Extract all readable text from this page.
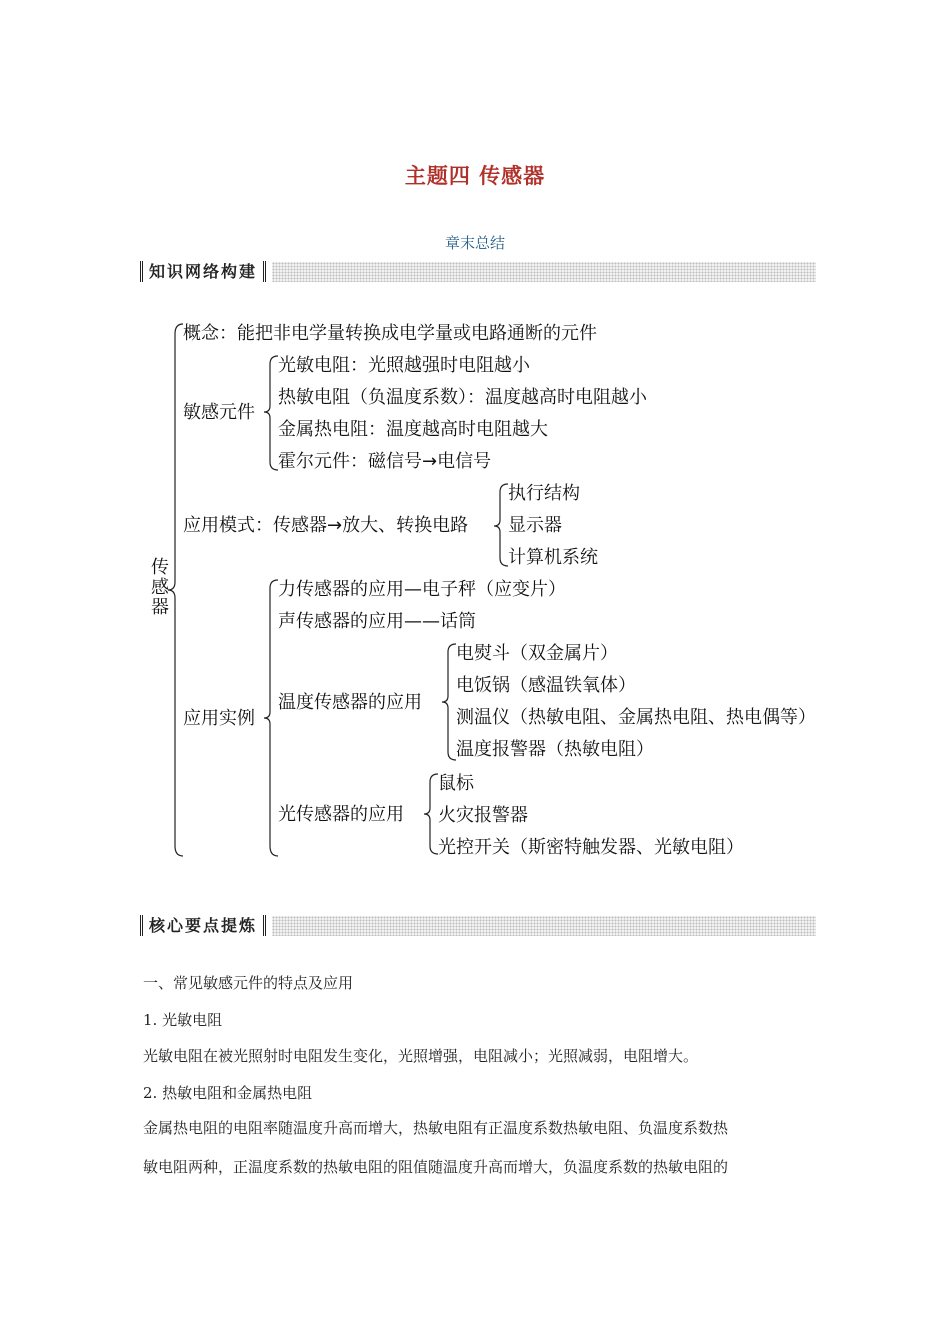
主题四 传感器
章末总结
知识网络构建
传感器
概念：能把非电学量转换成电学量或电路通断的元件
敏感元件
光敏电阻：光照越强时电阻越小
热敏电阻（负温度系数）：温度越高时电阻越小
金属热电阻：温度越高时电阻越大
霍尔元件：磁信号→电信号
应用模式：传感器→放大、转换电路
执行结构
显示器
计算机系统
应用实例
力传感器的应用—电子秤（应变片）
声传感器的应用——话筒
温度传感器的应用
电熨斗（双金属片）
电饭锅（感温铁氧体）
测温仪（热敏电阻、金属热电阻、热电偶等）
温度报警器（热敏电阻）
光传感器的应用
鼠标
火灾报警器
光控开关（斯密特触发器、光敏电阻）
核心要点提炼
一、常见敏感元件的特点及应用
1. 光敏电阻
光敏电阻在被光照射时电阻发生变化，光照增强，电阻减小；光照减弱，电阻增大。
2. 热敏电阻和金属热电阻
金属热电阻的电阻率随温度升高而增大，热敏电阻有正温度系数热敏电阻、负温度系数热
敏电阻两种，正温度系数的热敏电阻的阻值随温度升高而增大，负温度系数的热敏电阻的
